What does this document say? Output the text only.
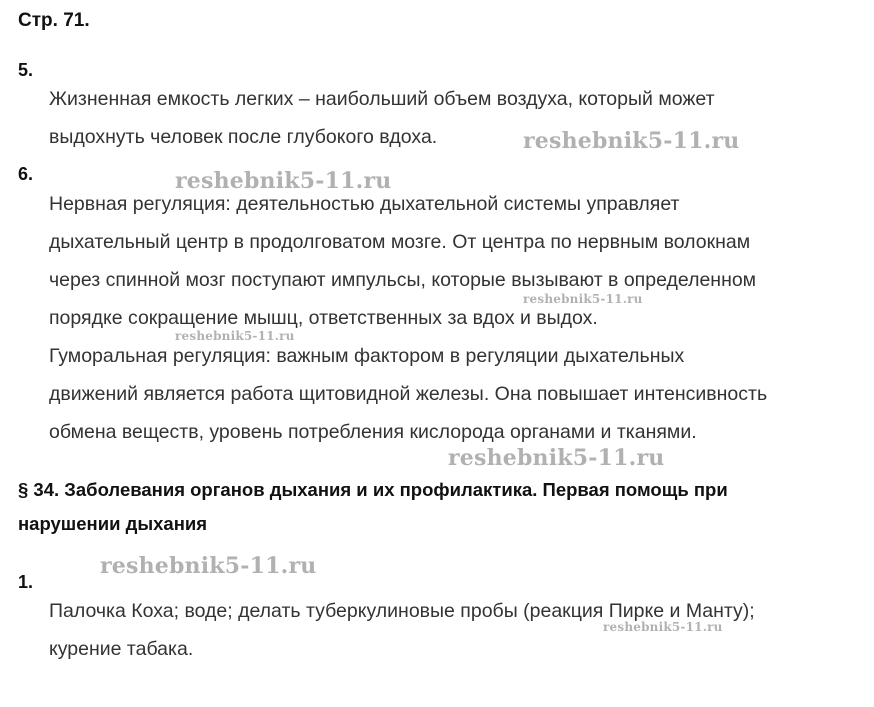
Стр. 71.
5.
Жизненная емкость легких – наибольший объем воздуха, который может
выдохнуть человек после глубокого вдоха.
6.
Нервная регуляция: деятельностью дыхательной системы управляет
дыхательный центр в продолговатом мозге. От центра по нервным волокнам
через спинной мозг поступают импульсы, которые вызывают в определенном
порядке сокращение мышц, ответственных за вдох и выдох.
Гуморальная регуляция: важным фактором в регуляции дыхательных
движений является работа щитовидной железы. Она повышает интенсивность
обмена веществ, уровень потребления кислорода органами и тканями.
§ 34. Заболевания органов дыхания и их профилактика. Первая помощь при
нарушении дыхания
1.
Палочка Коха; воде; делать туберкулиновые пробы (реакция Пирке и Манту);
курение табака.
reshebnik5-11.ru
reshebnik5-11.ru
reshebnik5-11.ru
reshebnik5-11.ru
reshebnik5-11.ru
reshebnik5-11.ru
reshebnik5-11.ru
